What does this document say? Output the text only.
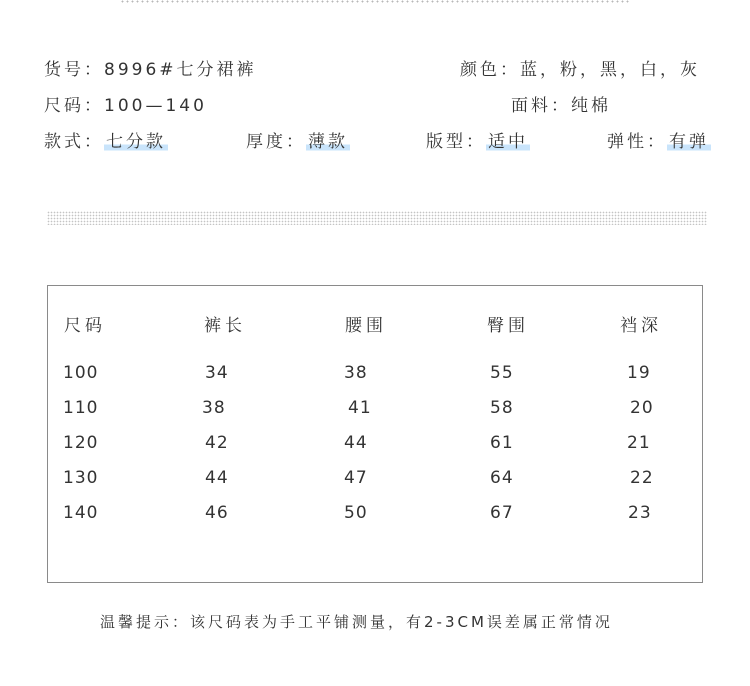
货号：8996#七分裙裤	颜色：蓝，粉，黑，白，灰
尺码：100—140	面料：纯棉
款式： 七分款	厚度： 薄款	版型： 适中	弹性： 有弹
尺码	裤长	腰围	臀围	裆深
100	34	38	55	19
110	38	41	58	20
120	42	44	61	21
130	44	47	64	22
140	46	50	67	23
温馨提示：该尺码表为手工平铺测量，有2-3CM误差属正常情况
